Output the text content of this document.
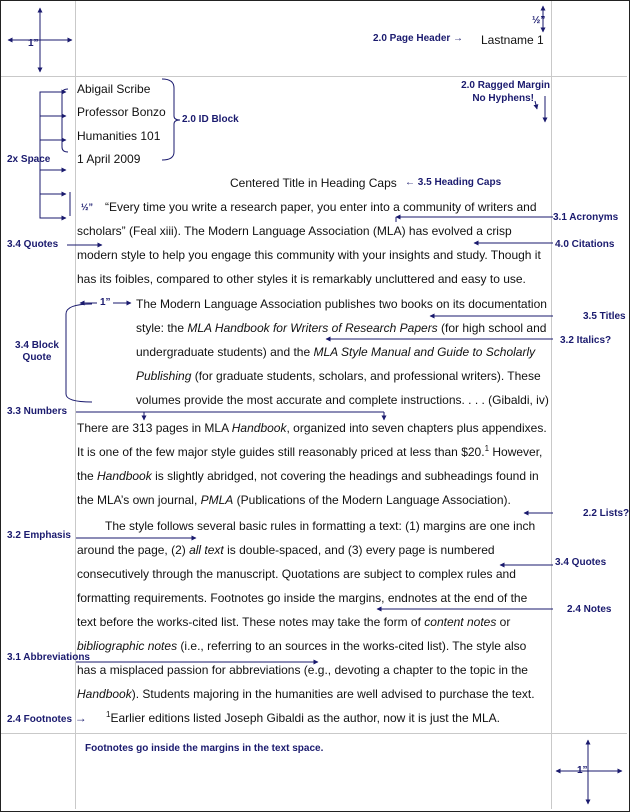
1”
½”
1”
2.0 Page Header → Lastname 1
2.0 Ragged Margin
No Hyphens!
Abigail Scribe
Professor Bonzo
Humanities 101
1 April 2009
2.0 ID Block
2x Space
Centered Title in Heading Caps ← 3.5 Heading Caps
½” “Every time you write a research paper, you enter into a community of writers and
scholars” (Feal xiii). The Modern Language Association (MLA) has evolved a crisp
modern style to help you engage this community with your insights and study. Though it
has its foibles, compared to other styles it is remarkably uncluttered and easy to use.
3.1 Acronyms
4.0 Citations
3.4 Quotes
1” The Modern Language Association publishes two books on its documentation
style: the MLA Handbook for Writers of Research Papers (for high school and
undergraduate students) and the MLA Style Manual and Guide to Scholarly
Publishing (for graduate students, scholars, and professional writers). These
volumes provide the most accurate and complete instructions. . . . (Gibaldi, iv)
3.5 Titles
3.2 Italics?
3.4 Block
Quote
3.3 Numbers
There are 313 pages in MLA Handbook, organized into seven chapters plus appendixes.
It is one of the few major style guides still reasonably priced at less than $20.$^1$ However,
the Handbook is slightly abridged, not covering the headings and subheadings found in
the MLA’s own journal, PMLA (Publications of the Modern Language Association).
The style follows several basic rules in formatting a text: (1) margins are one inch
around the page, (2) all text is double-spaced, and (3) every page is numbered
consecutively through the manuscript. Quotations are subject to complex rules and
formatting requirements. Footnotes go inside the margins, endnotes at the end of the
text before the works-cited list. These notes may take the form of content notes or
bibliographic notes (i.e., referring to an sources in the works-cited list). The style also
has a misplaced passion for abbreviations (e.g., devoting a chapter to the topic in the
Handbook). Students majoring in the humanities are well advised to purchase the text.
2.2 Lists?
3.2 Emphasis
3.4 Quotes
2.4 Notes
3.1 Abbreviations
2.4 Footnotes → $^1$Earlier editions listed Joseph Gibaldi as the author, now it is just the MLA.
Footnotes go inside the margins in the text space.
